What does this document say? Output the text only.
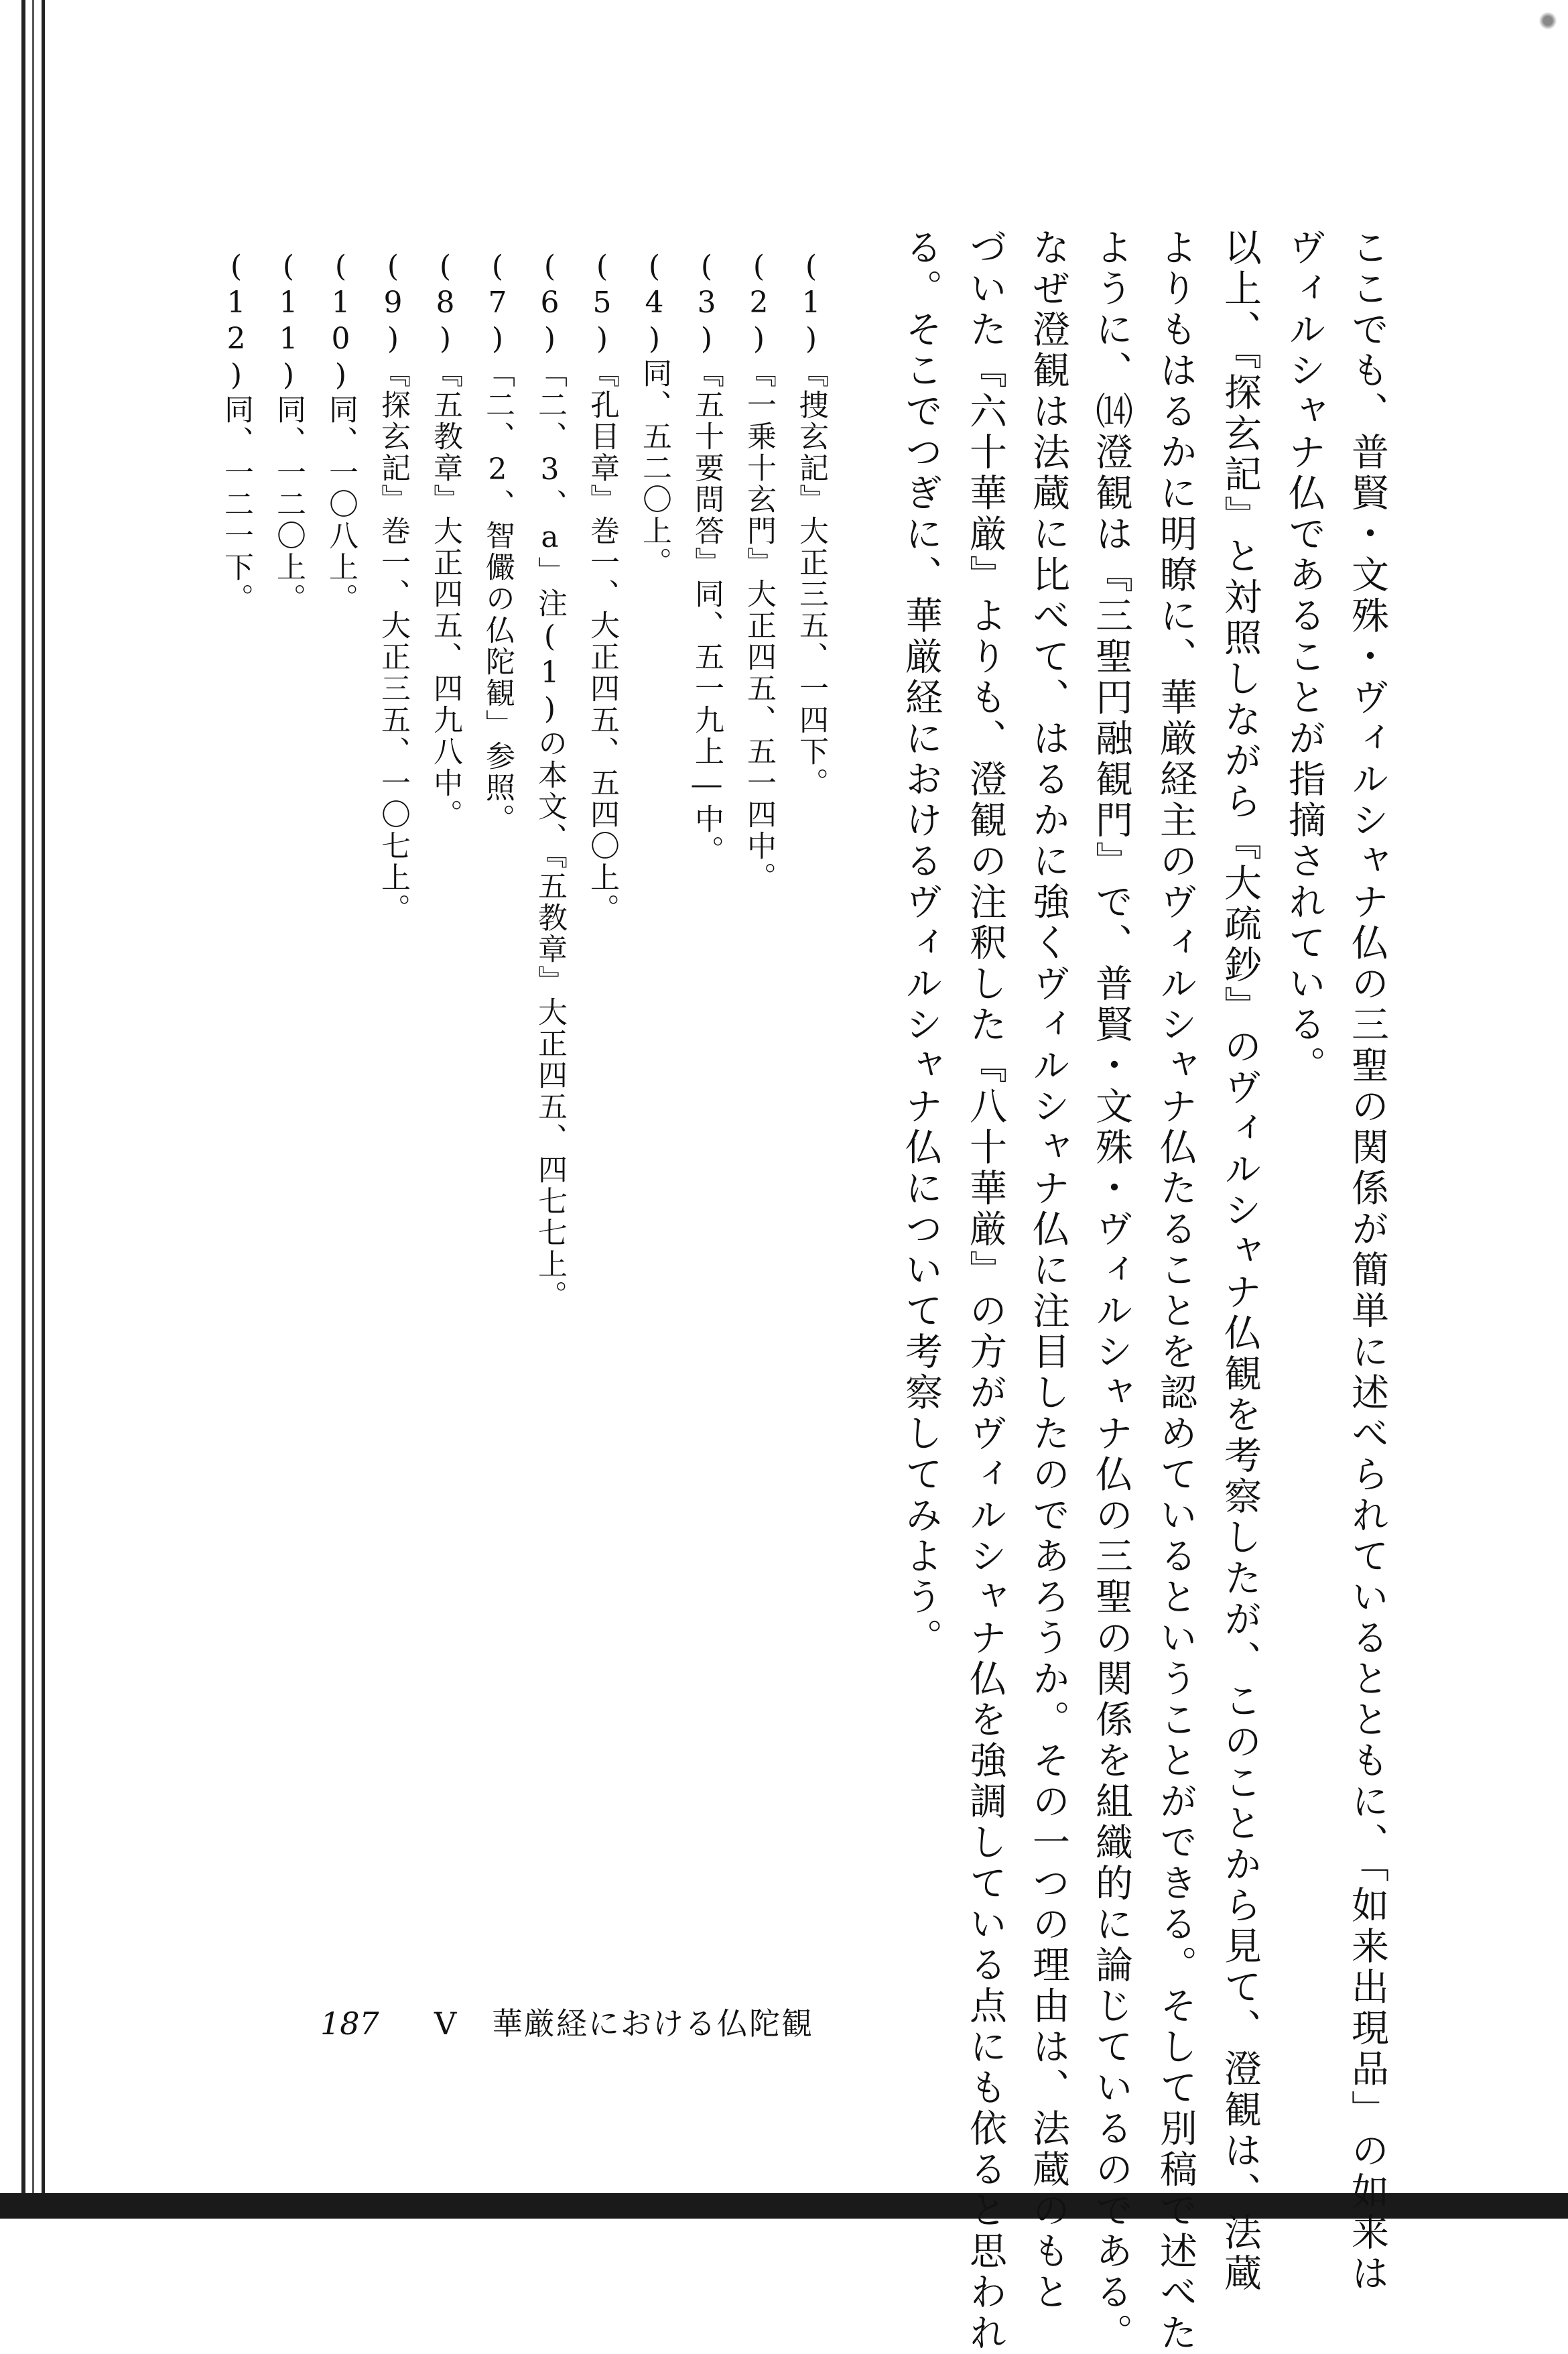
ここでも、普賢・文殊・ヴィルシャナ仏の三聖の関係が簡単に述べられているとともに、「如来出現品」の如来は

ヴィルシャナ仏であることが指摘されている。

以上、『探玄記』と対照しながら『大疏鈔』のヴィルシャナ仏観を考察したが、このことから見て、澄観は、法蔵

よりもはるかに明瞭に、華厳経主のヴィルシャナ仏たることを認めているということができる。そして別稿で述べた

ように、⒁澄観は『三聖円融観門』で、普賢・文殊・ヴィルシャナ仏の三聖の関係を組織的に論じているのである。

なぜ澄観は法蔵に比べて、はるかに強くヴィルシャナ仏に注目したのであろうか。その一つの理由は、法蔵のもと

づいた『六十華厳』よりも、澄観の注釈した『八十華厳』の方がヴィルシャナ仏を強調している点にも依ると思われ

る。そこでつぎに、華厳経におけるヴィルシャナ仏について考察してみよう。

(1)『捜玄記』大正三五、一四下。
(2)『一乗十玄門』大正四五、五一四中。
(3)『五十要問答』同、五一九上―中。
(4)同、五二〇上。
(5)『孔目章』巻一、大正四五、五四〇上。
(6)「二、3、a」注(1)の本文、『五教章』大正四五、四七七上。
(7)「二、2、智儼の仏陀観」参照。
(8)『五教章』大正四五、四九八中。
(9)『探玄記』巻一、大正三五、一〇七上。
(10)同、一〇八上。
(11)同、一二〇上。
(12)同、一二一下。
187	V	華厳経における仏陀観
